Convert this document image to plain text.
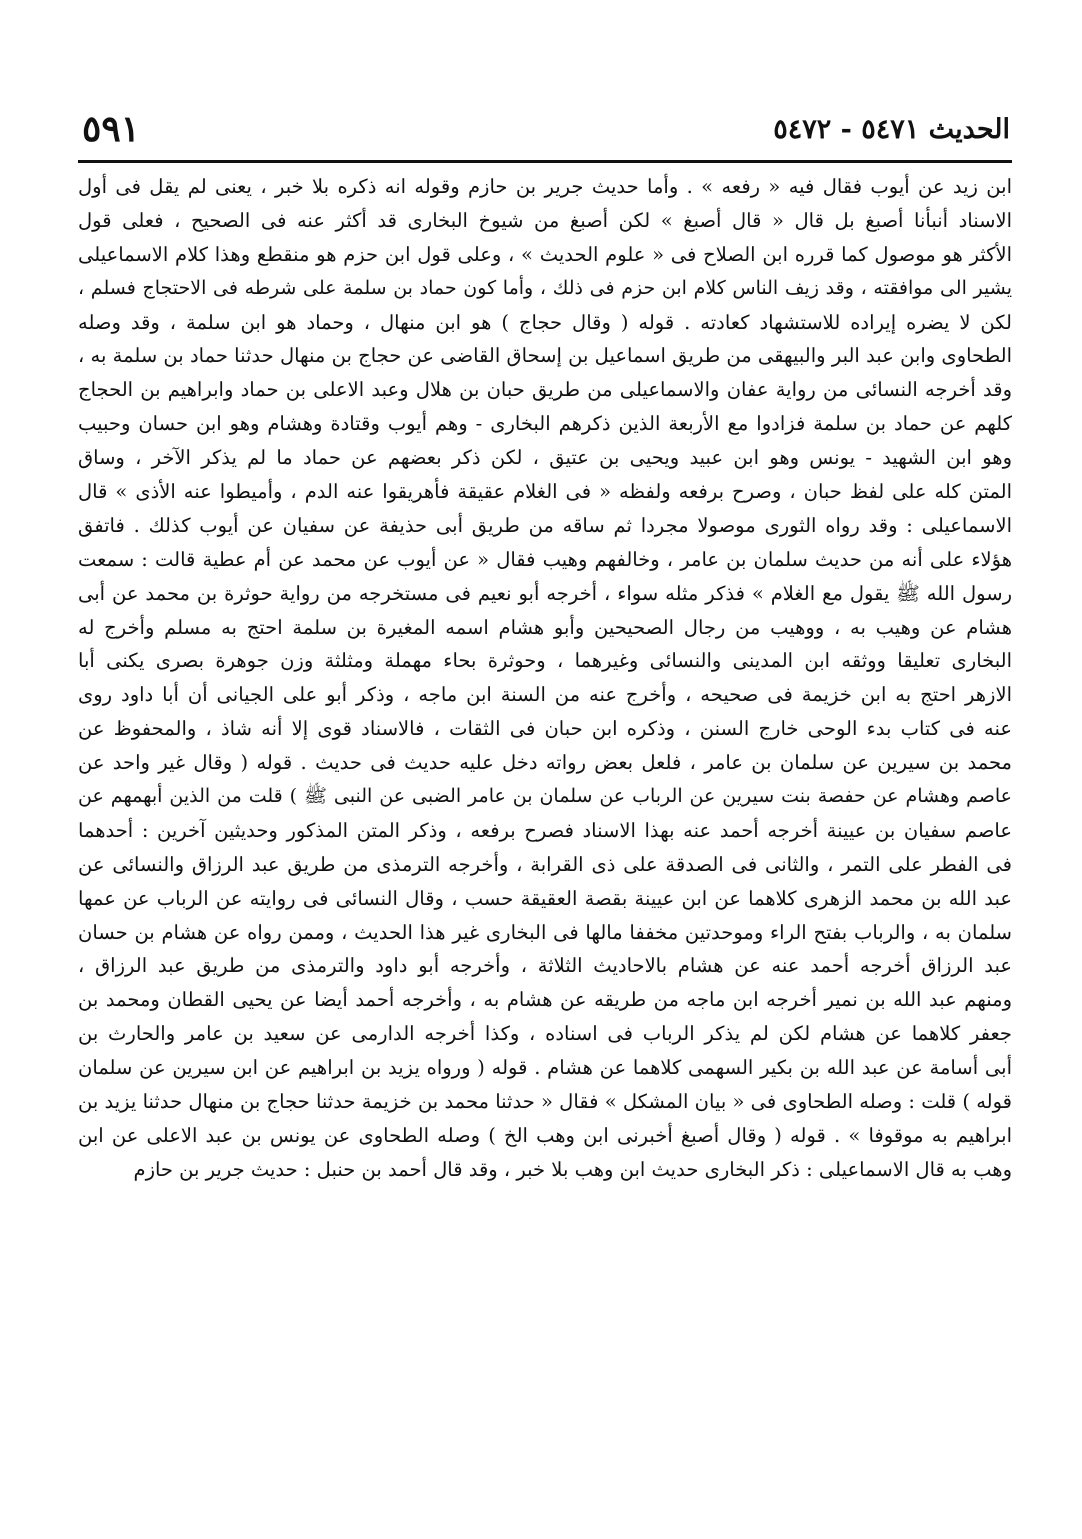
الحديث ٥٤٧١ - ٥٤٧٢
٥٩١
ابن زيد عن أيوب فقال فيه « رفعه » . وأما حديث جرير بن حازم وقوله انه ذكره بلا خبر ، يعنى لم يقل فى أول
الاسناد أنبأنا أصبغ بل قال « قال أصبغ » لكن أصبغ من شيوخ البخارى قد أكثر عنه فى الصحيح ، فعلى قول
الأكثر هو موصول كما قرره ابن الصلاح فى « علوم الحديث » ، وعلى قول ابن حزم هو منقطع وهذا كلام الاسماعيلى
يشير الى موافقته ، وقد زيف الناس كلام ابن حزم فى ذلك ، وأما كون حماد بن سلمة على شرطه فى الاحتجاج فسلم ،
لكن لا يضره إيراده للاستشهاد كعادته . قوله ( وقال حجاج ) هو ابن منهال ، وحماد هو ابن سلمة ، وقد وصله
الطحاوى وابن عبد البر والبيهقى من طريق اسماعيل بن إسحاق القاضى عن حجاج بن منهال حدثنا حماد بن سلمة به ،
وقد أخرجه النسائى من رواية عفان والاسماعيلى من طريق حبان بن هلال وعبد الاعلى بن حماد وابراهيم بن الحجاج
كلهم عن حماد بن سلمة فزادوا مع الأربعة الذين ذكرهم البخارى - وهم أيوب وقتادة وهشام وهو ابن حسان وحبيب
وهو ابن الشهيد - يونس وهو ابن عبيد ويحيى بن عتيق ، لكن ذكر بعضهم عن حماد ما لم يذكر الآخر ، وساق
المتن كله على لفظ حبان ، وصرح برفعه ولفظه « فى الغلام عقيقة فأهريقوا عنه الدم ، وأميطوا عنه الأذى » قال
الاسماعيلى : وقد رواه الثورى موصولا مجردا ثم ساقه من طريق أبى حذيفة عن سفيان عن أيوب كذلك . فاتفق
هؤلاء على أنه من حديث سلمان بن عامر ، وخالفهم وهيب فقال « عن أيوب عن محمد عن أم عطية قالت : سمعت
رسول الله ﷺ يقول مع الغلام » فذكر مثله سواء ، أخرجه أبو نعيم فى مستخرجه من رواية حوثرة بن محمد عن أبى
هشام عن وهيب به ، ووهيب من رجال الصحيحين وأبو هشام اسمه المغيرة بن سلمة احتج به مسلم وأخرج له
البخارى تعليقا ووثقه ابن المدينى والنسائى وغيرهما ، وحوثرة بحاء مهملة ومثلثة وزن جوهرة بصرى يكنى أبا
الازهر احتج به ابن خزيمة فى صحيحه ، وأخرج عنه من السنة ابن ماجه ، وذكر أبو على الجيانى أن أبا داود روى
عنه فى كتاب بدء الوحى خارج السنن ، وذكره ابن حبان فى الثقات ، فالاسناد قوى إلا أنه شاذ ، والمحفوظ عن
محمد بن سيرين عن سلمان بن عامر ، فلعل بعض رواته دخل عليه حديث فى حديث . قوله ( وقال غير واحد عن
عاصم وهشام عن حفصة بنت سيرين عن الرباب عن سلمان بن عامر الضبى عن النبى ﷺ ) قلت من الذين أبهمهم عن
عاصم سفيان بن عيينة أخرجه أحمد عنه بهذا الاسناد فصرح برفعه ، وذكر المتن المذكور وحديثين آخرين : أحدهما
فى الفطر على التمر ، والثانى فى الصدقة على ذى القرابة ، وأخرجه الترمذى من طريق عبد الرزاق والنسائى عن
عبد الله بن محمد الزهرى كلاهما عن ابن عيينة بقصة العقيقة حسب ، وقال النسائى فى روايته عن الرباب عن عمها
سلمان به ، والرباب بفتح الراء وموحدتين مخففا مالها فى البخارى غير هذا الحديث ، وممن رواه عن هشام بن حسان
عبد الرزاق أخرجه أحمد عنه عن هشام بالاحاديث الثلاثة ، وأخرجه أبو داود والترمذى من طريق عبد الرزاق ،
ومنهم عبد الله بن نمير أخرجه ابن ماجه من طريقه عن هشام به ، وأخرجه أحمد أيضا عن يحيى القطان ومحمد بن
جعفر كلاهما عن هشام لكن لم يذكر الرباب فى اسناده ، وكذا أخرجه الدارمى عن سعيد بن عامر والحارث بن
أبى أسامة عن عبد الله بن بكير السهمى كلاهما عن هشام . قوله ( ورواه يزيد بن ابراهيم عن ابن سيرين عن سلمان
قوله ) قلت : وصله الطحاوى فى « بيان المشكل » فقال « حدثنا محمد بن خزيمة حدثنا حجاج بن منهال حدثنا يزيد بن
ابراهيم به موقوفا » . قوله ( وقال أصبغ أخبرنى ابن وهب الخ ) وصله الطحاوى عن يونس بن عبد الاعلى عن ابن
وهب به قال الاسماعيلى : ذكر البخارى حديث ابن وهب بلا خبر ، وقد قال أحمد بن حنبل : حديث جرير بن حازم
